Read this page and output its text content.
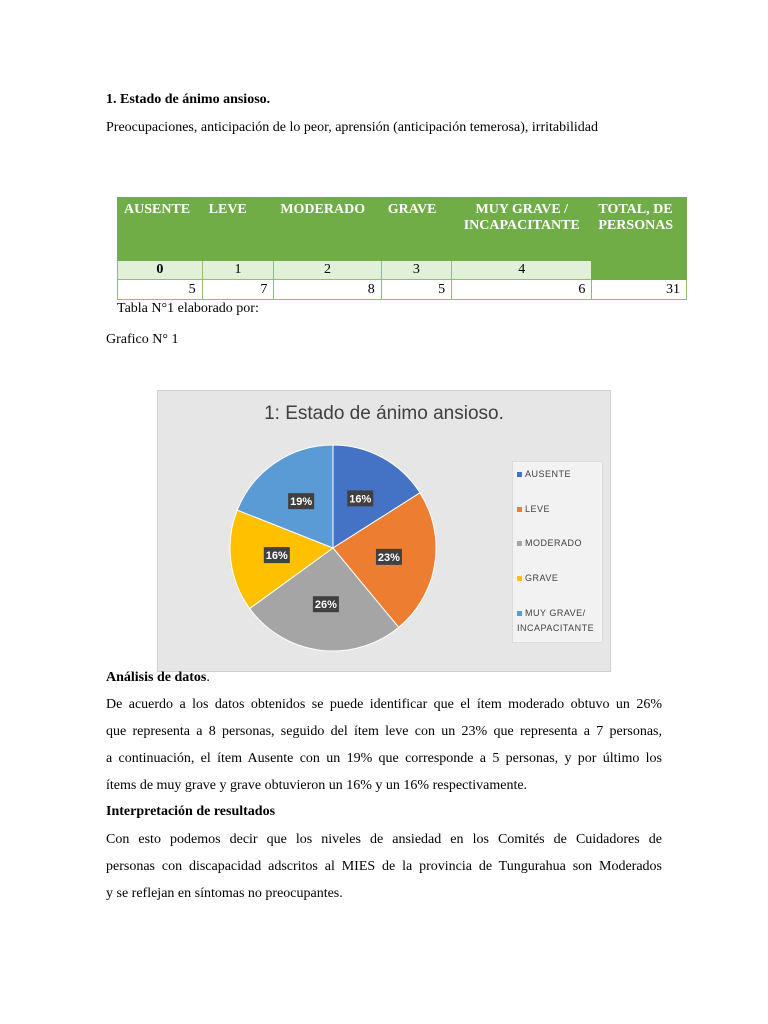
1. Estado de ánimo ansioso.
Preocupaciones, anticipación de lo peor, aprensión (anticipación temerosa), irritabilidad
AUSENTE	LEVE	MODERADO	GRAVE	MUY GRAVE / INCAPACITANTE	TOTAL, DE PERSONAS
0	1	2	3	4	
5	7	8	5	6	31
Tabla N°1 elaborado por:
Grafico N° 1
1: Estado de ánimo ansioso.
16%
23%
26%
16%
19%
AUSENTE
LEVE
MODERADO
GRAVE
MUY GRAVE/
INCAPACITANTE
Análisis de datos.
De acuerdo a los datos obtenidos se puede identificar que el ítem moderado obtuvo un 26%
que representa a 8 personas, seguido del ítem leve con un 23% que representa a 7 personas,
a continuación, el ítem Ausente con un 19% que corresponde a 5 personas, y por último los
ítems de muy grave y grave obtuvieron un 16% y un 16% respectivamente.
Interpretación de resultados
Con esto podemos decir que los niveles de ansiedad en los Comités de Cuidadores de
personas con discapacidad adscritos al MIES de la provincia de Tungurahua son Moderados
y se reflejan en síntomas no preocupantes.
